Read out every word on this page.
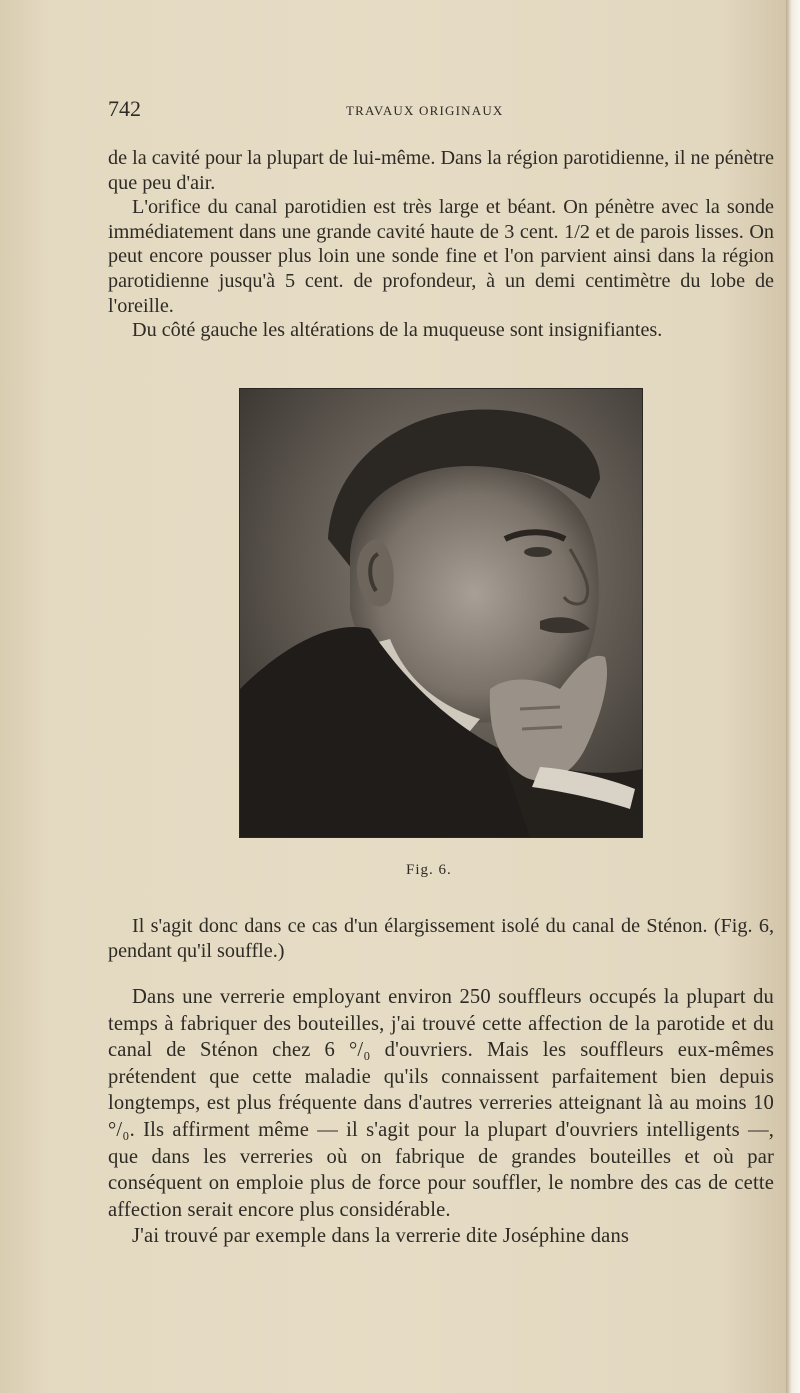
742	TRAVAUX ORIGINAUX

de la cavité pour la plupart de lui-même. Dans la région parotidienne, il ne pénètre que peu d'air.

L'orifice du canal parotidien est très large et béant. On pénètre avec la sonde immédiatement dans une grande cavité haute de 3 cent. 1/2 et de parois lisses. On peut encore pousser plus loin une sonde fine et l'on parvient ainsi dans la région parotidienne jusqu'à 5 cent. de profondeur, à un demi centimètre du lobe de l'oreille.

Du côté gauche les altérations de la muqueuse sont insignifiantes.

Fig. 6.

Il s'agit donc dans ce cas d'un élargissement isolé du canal de Sténon. (Fig. 6, pendant qu'il souffle.)

Dans une verrerie employant environ 250 souffleurs occupés la plupart du temps à fabriquer des bouteilles, j'ai trouvé cette affection de la parotide et du canal de Sténon chez 6 °/₀ d'ouvriers. Mais les souffleurs eux-mêmes prétendent que cette maladie qu'ils connaissent parfaitement bien depuis longtemps, est plus fréquente dans d'autres verreries atteignant là au moins 10 °/₀. Ils affirment même — il s'agit pour la plupart d'ouvriers intelligents —, que dans les verreries où on fabrique de grandes bouteilles et où par conséquent on emploie plus de force pour souffler, le nombre des cas de cette affection serait encore plus considérable.

J'ai trouvé par exemple dans la verrerie dite Joséphine dans
